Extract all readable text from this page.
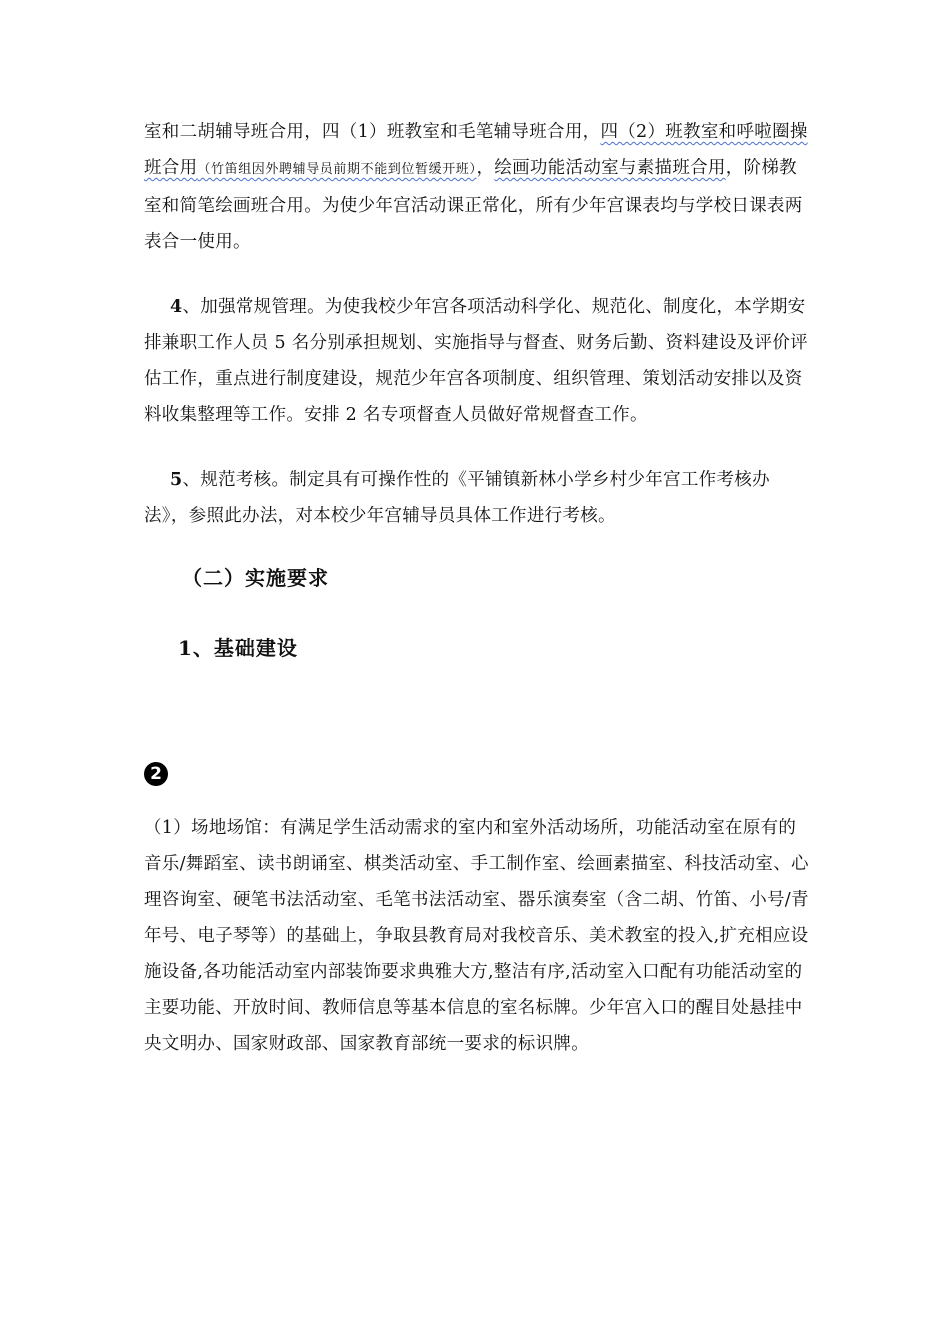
室和二胡辅导班合用，四（1）班教室和毛笔辅导班合用，四（2）班教室和呼啦圈操班合用（竹笛组因外聘辅导员前期不能到位暂缓开班），绘画功能活动室与素描班合用，阶梯教室和简笔绘画班合用。为使少年宫活动课正常化，所有少年宫课表均与学校日课表两表合一使用。

4、加强常规管理。为使我校少年宫各项活动科学化、规范化、制度化，本学期安排兼职工作人员 5 名分别承担规划、实施指导与督查、财务后勤、资料建设及评价评估工作，重点进行制度建设，规范少年宫各项制度、组织管理、策划活动安排以及资料收集整理等工作。安排 2 名专项督查人员做好常规督查工作。

5、规范考核。制定具有可操作性的《平铺镇新林小学乡村少年宫工作考核办法》，参照此办法，对本校少年宫辅导员具体工作进行考核。

（二）实施要求
1、基础建设
2

（1）场地场馆：有满足学生活动需求的室内和室外活动场所，功能活动室在原有的音乐/舞蹈室、读书朗诵室、棋类活动室、手工制作室、绘画素描室、科技活动室、心理咨询室、硬笔书法活动室、毛笔书法活动室、器乐演奏室（含二胡、竹笛、小号/青年号、电子琴等）的基础上，争取县教育局对我校音乐、美术教室的投入,扩充相应设施设备,各功能活动室内部装饰要求典雅大方,整洁有序,活动室入口配有功能活动室的主要功能、开放时间、教师信息等基本信息的室名标牌。少年宫入口的醒目处悬挂中央文明办、国家财政部、国家教育部统一要求的标识牌。
